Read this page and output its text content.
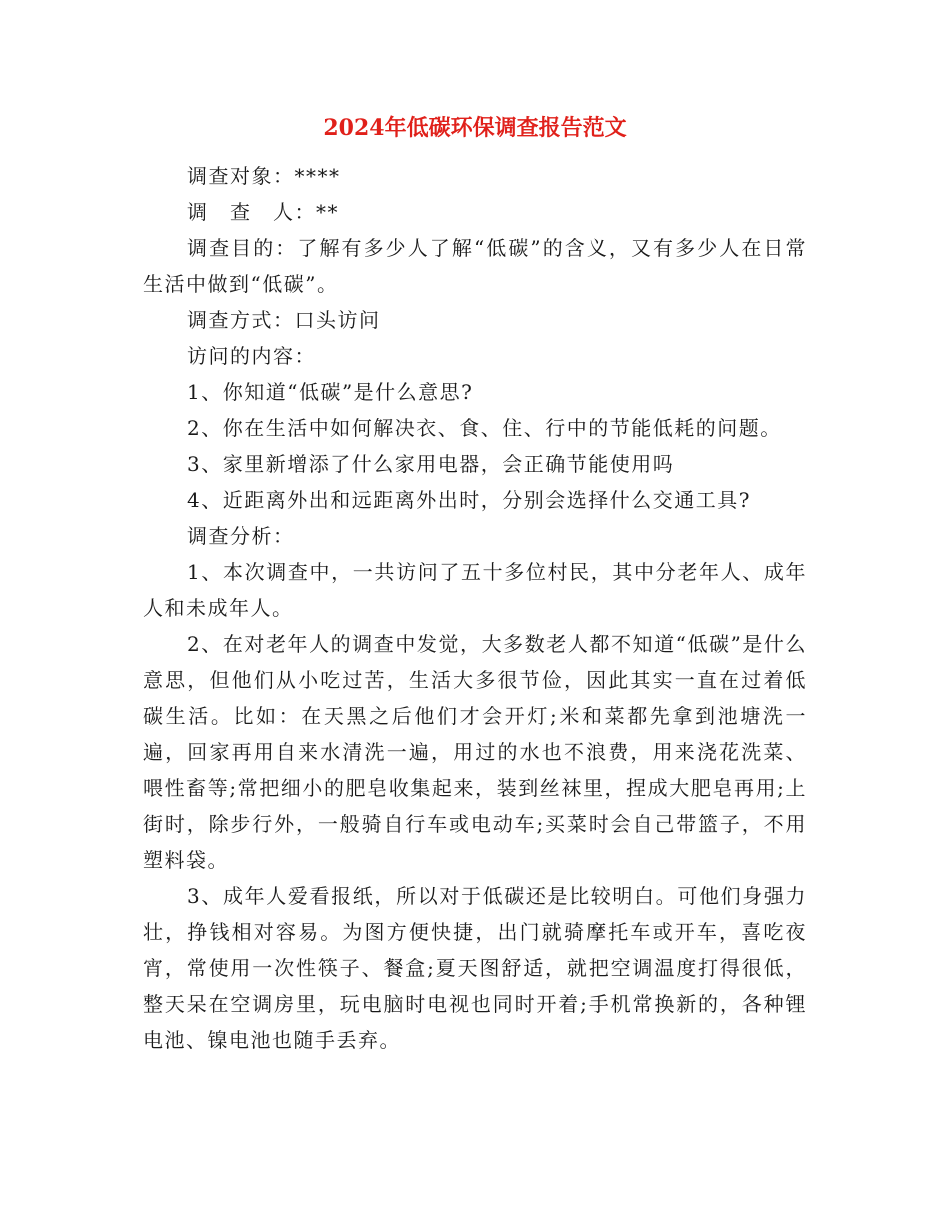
2024年低碳环保调查报告范文

调查对象：****

调　查　人：**

调查目的：了解有多少人了解“低碳”的含义，又有多少人在日常生活中做到“低碳”。

调查方式：口头访问

访问的内容：

1、你知道“低碳”是什么意思?

2、你在生活中如何解决衣、食、住、行中的节能低耗的问题。

3、家里新增添了什么家用电器，会正确节能使用吗

4、近距离外出和远距离外出时，分别会选择什么交通工具?

调查分析：

1、本次调查中，一共访问了五十多位村民，其中分老年人、成年人和未成年人。

2、在对老年人的调查中发觉，大多数老人都不知道“低碳”是什么意思，但他们从小吃过苦，生活大多很节俭，因此其实一直在过着低碳生活。比如：在天黑之后他们才会开灯;米和菜都先拿到池塘洗一遍，回家再用自来水清洗一遍，用过的水也不浪费，用来浇花洗菜、喂性畜等;常把细小的肥皂收集起来，装到丝袜里，捏成大肥皂再用;上街时，除步行外，一般骑自行车或电动车;买菜时会自己带篮子，不用塑料袋。

3、成年人爱看报纸，所以对于低碳还是比较明白。可他们身强力壮，挣钱相对容易。为图方便快捷，出门就骑摩托车或开车，喜吃夜宵，常使用一次性筷子、餐盒;夏天图舒适，就把空调温度打得很低，整天呆在空调房里，玩电脑时电视也同时开着;手机常换新的，各种锂电池、镍电池也随手丢弃。
